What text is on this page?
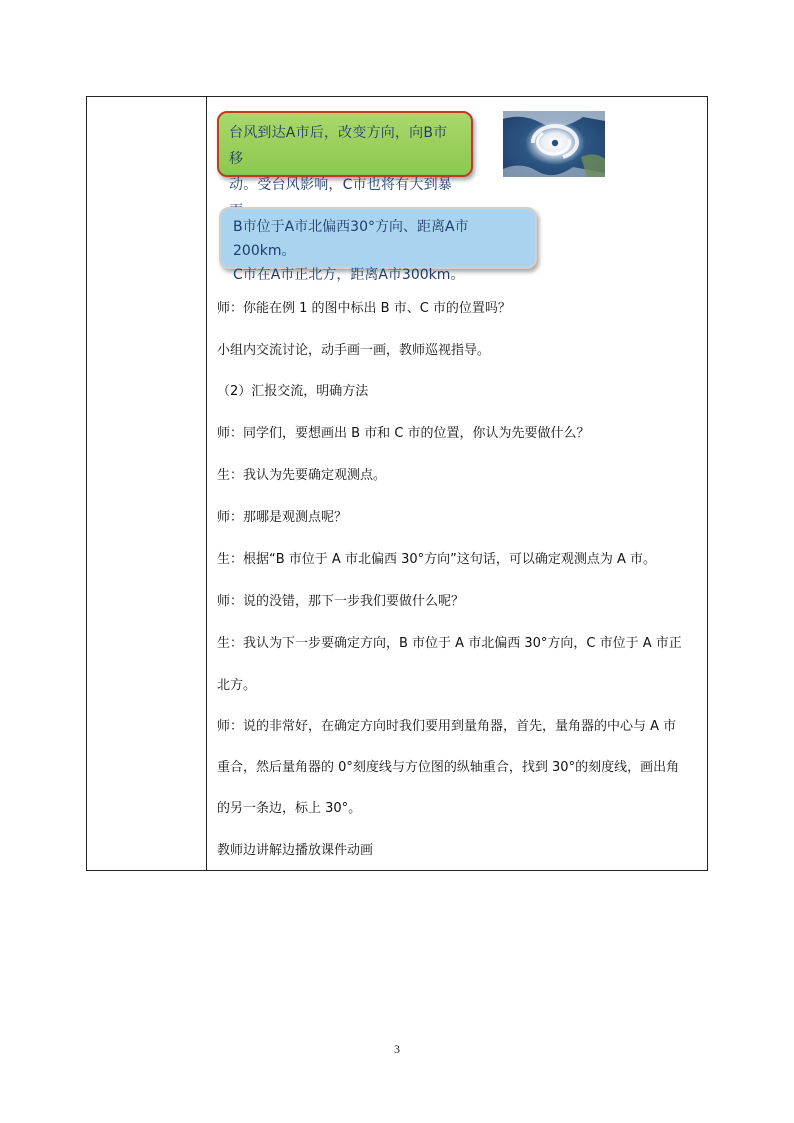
台风到达A市后，改变方向，向B市移
动。受台风影响，C市也将有大到暴
B市位于A市北偏西30°方向、距离A市200km。
C市在A市正北方，距离A市300km。
师：你能在例 1 的图中标出 B 市、C 市的位置吗？
小组内交流讨论，动手画一画，教师巡视指导。
（2）汇报交流，明确方法
师：同学们，要想画出 B 市和 C 市的位置，你认为先要做什么？
生：我认为先要确定观测点。
师：那哪是观测点呢？
生：根据“B 市位于 A 市北偏西 30°方向”这句话，可以确定观测点为 A 市。
师：说的没错，那下一步我们要做什么呢？
生：我认为下一步要确定方向，B 市位于 A 市北偏西 30°方向，C 市位于 A 市正
北方。
师：说的非常好，在确定方向时我们要用到量角器，首先，量角器的中心与 A 市
重合，然后量角器的 0°刻度线与方位图的纵轴重合，找到 30°的刻度线，画出角
的另一条边，标上 30°。
教师边讲解边播放课件动画
3
